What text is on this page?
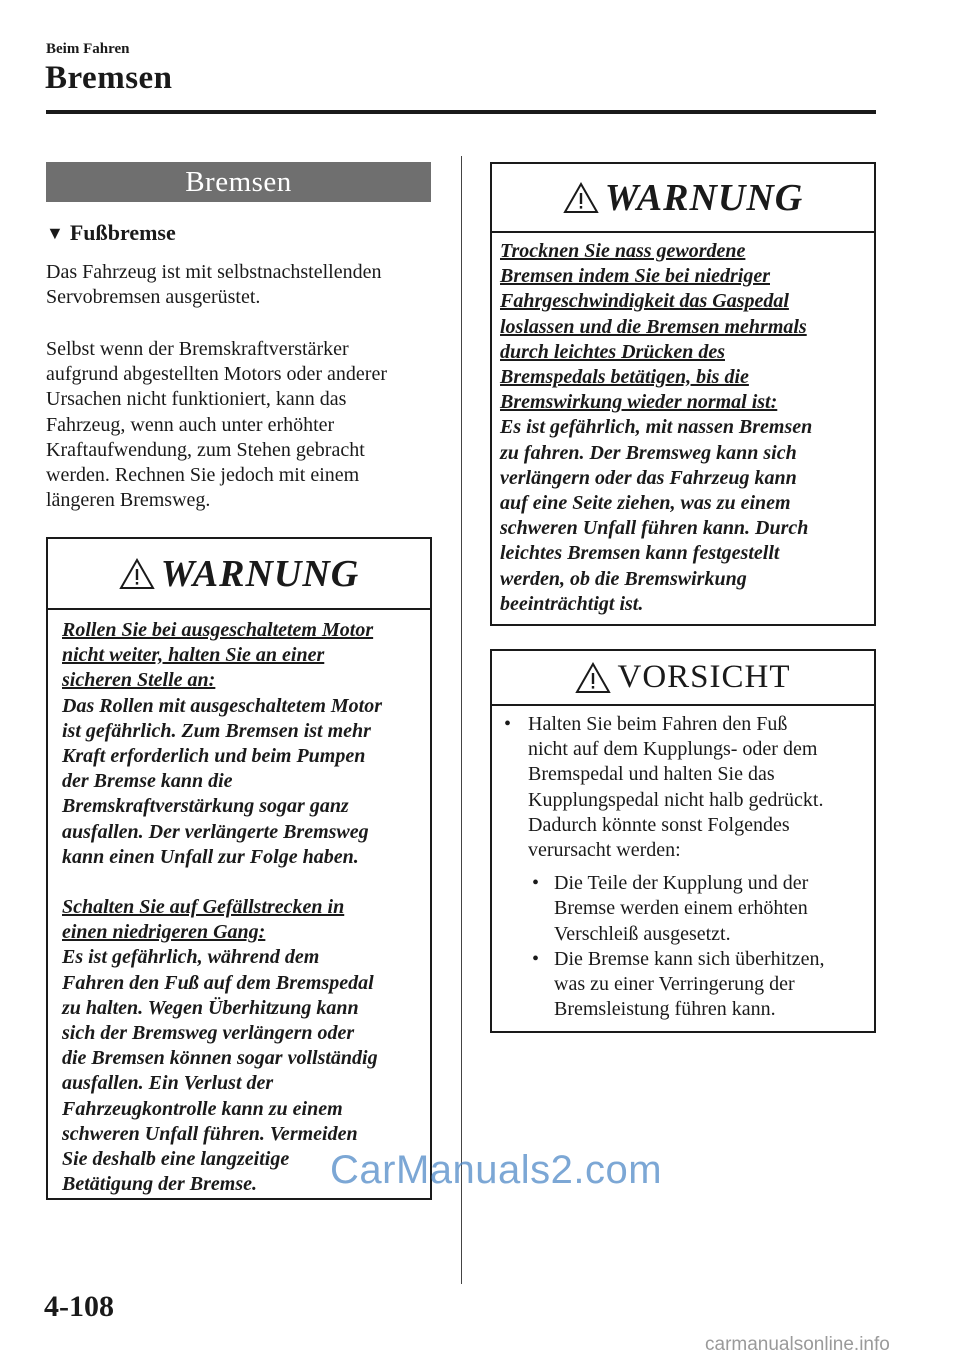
Beim Fahren
Bremsen
Bremsen
▼ Fußbremse
Das Fahrzeug ist mit selbstnachstellenden
Servobremsen ausgerüstet.
Selbst wenn der Bremskraftverstärker
aufgrund abgestellten Motors oder anderer
Ursachen nicht funktioniert, kann das
Fahrzeug, wenn auch unter erhöhter
Kraftaufwendung, zum Stehen gebracht
werden. Rechnen Sie jedoch mit einem
längeren Bremsweg.
WARNUNG
Rollen Sie bei ausgeschaltetem Motor
nicht weiter, halten Sie an einer
sicheren Stelle an:
Das Rollen mit ausgeschaltetem Motor
ist gefährlich. Zum Bremsen ist mehr
Kraft erforderlich und beim Pumpen
der Bremse kann die
Bremskraftverstärkung sogar ganz
ausfallen. Der verlängerte Bremsweg
kann einen Unfall zur Folge haben.
Schalten Sie auf Gefällstrecken in
einen niedrigeren Gang:
Es ist gefährlich, während dem
Fahren den Fuß auf dem Bremspedal
zu halten. Wegen Überhitzung kann
sich der Bremsweg verlängern oder
die Bremsen können sogar vollständig
ausfallen. Ein Verlust der
Fahrzeugkontrolle kann zu einem
schweren Unfall führen. Vermeiden
Sie deshalb eine langzeitige
Betätigung der Bremse.
WARNUNG
Trocknen Sie nass gewordene
Bremsen indem Sie bei niedriger
Fahrgeschwindigkeit das Gaspedal
loslassen und die Bremsen mehrmals
durch leichtes Drücken des
Bremspedals betätigen, bis die
Bremswirkung wieder normal ist:
Es ist gefährlich, mit nassen Bremsen
zu fahren. Der Bremsweg kann sich
verlängern oder das Fahrzeug kann
auf eine Seite ziehen, was zu einem
schweren Unfall führen kann. Durch
leichtes Bremsen kann festgestellt
werden, ob die Bremswirkung
beeinträchtigt ist.
VORSICHT
• Halten Sie beim Fahren den Fuß
nicht auf dem Kupplungs- oder dem
Bremspedal und halten Sie das
Kupplungspedal nicht halb gedrückt.
Dadurch könnte sonst Folgendes
verursacht werden:
• Die Teile der Kupplung und der
Bremse werden einem erhöhten
Verschleiß ausgesetzt.
• Die Bremse kann sich überhitzen,
was zu einer Verringerung der
Bremsleistung führen kann.
CarManuals2.com
4-108
carmanualsonline.info
